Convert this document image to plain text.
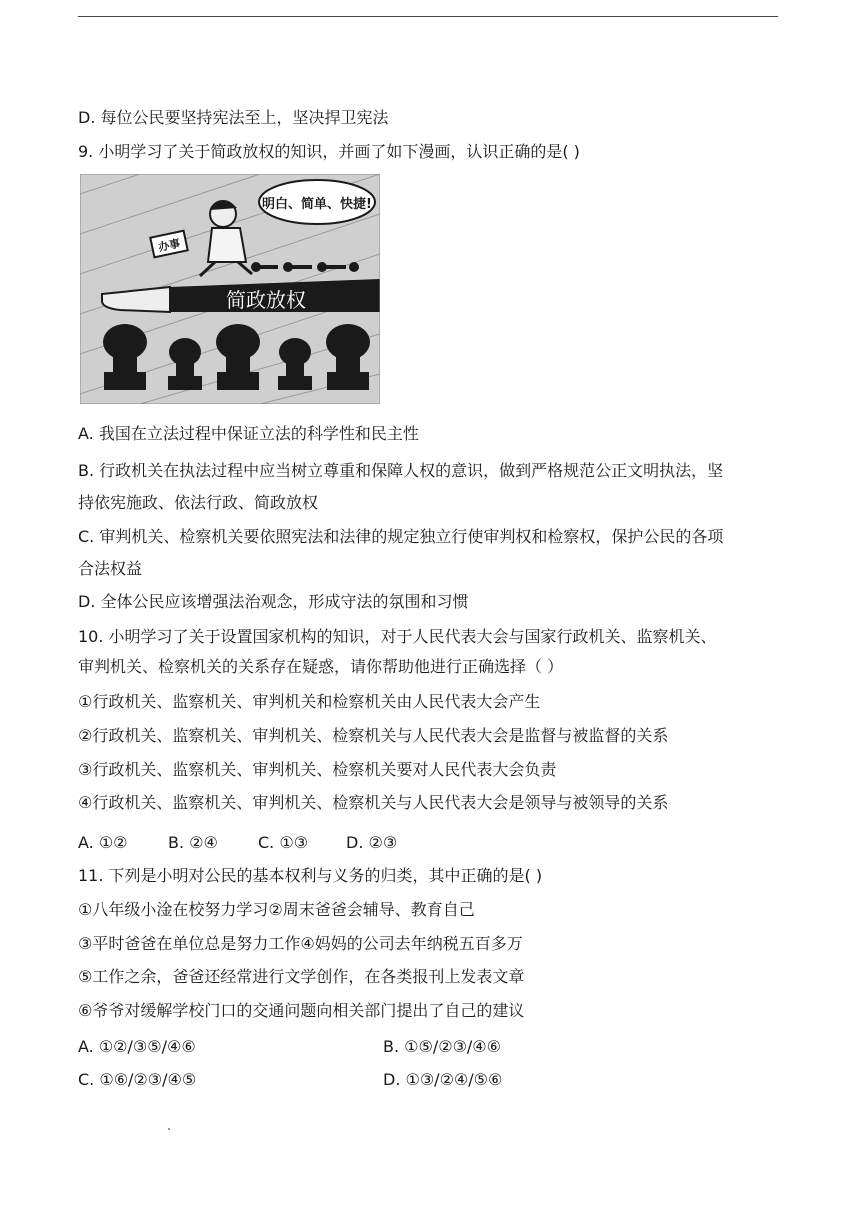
D. 每位公民要坚持宪法至上，坚决捍卫宪法
9. 小明学习了关于简政放权的知识，并画了如下漫画，认识正确的是( )
明白、简单、快捷!
办事
简政放权
A. 我国在立法过程中保证立法的科学性和民主性
B. 行政机关在执法过程中应当树立尊重和保障人权的意识，做到严格规范公正文明执法，坚
持依宪施政、依法行政、简政放权
C. 审判机关、检察机关要依照宪法和法律的规定独立行使审判权和检察权，保护公民的各项
合法权益
D. 全体公民应该增强法治观念，形成守法的氛围和习惯
10. 小明学习了关于设置国家机构的知识，对于人民代表大会与国家行政机关、监察机关、
审判机关、检察机关的关系存在疑惑，请你帮助他进行正确选择（ ）
①行政机关、监察机关、审判机关和检察机关由人民代表大会产生
②行政机关、监察机关、审判机关、检察机关与人民代表大会是监督与被监督的关系
③行政机关、监察机关、审判机关、检察机关要对人民代表大会负责
④行政机关、监察机关、审判机关、检察机关与人民代表大会是领导与被领导的关系
A. ①②	B. ②④	C. ①③ D. ②③
11. 下列是小明对公民的基本权利与义务的归类，其中正确的是( )
①八年级小淦在校努力学习②周末爸爸会辅导、教育自己
③平时爸爸在单位总是努力工作④妈妈的公司去年纳税五百多万
⑤工作之余，爸爸还经常进行文学创作，在各类报刊上发表文章
⑥爷爷对缓解学校门口的交通问题向相关部门提出了自己的建议
A. ①②/③⑤/④⑥	B. ①⑤/②③/④⑥
C. ①⑥/②③/④⑤	D. ①③/②④/⑤⑥
